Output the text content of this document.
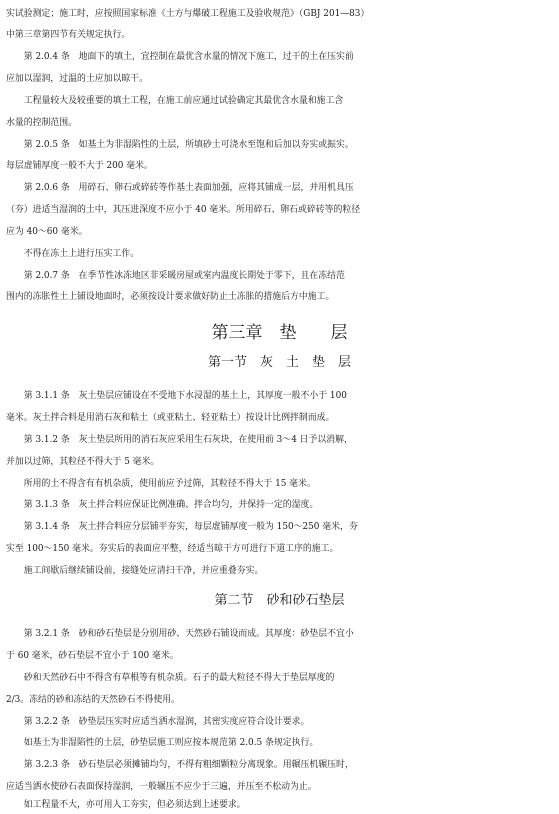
实试验测定；施工时，应按照国家标准《土方与爆破工程施工及验收规范》（GBJ 201—83）
中第三章第四节有关规定执行。
　　第 2.0.4 条　地面下的填土，宜控制在最优含水量的情况下施工，过干的土在压实前
应加以湿润，过温的土应加以晾干。
　　工程量较大及较重要的填土工程，在施工前应通过试验确定其最优含水量和施工含
水量的控制范围。
　　第 2.0.5 条　如基土为非湿陷性的土层，所填砂土可浇水至饱和后加以夯实或振实。
每层虚铺厚度一般不大于 200 毫米。
　　第 2.0.6 条　用碎石、卵石或碎砖等作基土表面加强，应将其铺成一层，并用机具压
（夯）进适当湿润的土中，其压进深度不应小于 40 毫米。所用碎石、卵石或碎砖等的粒径
应为 40～60 毫米。
　　不得在冻土上进行压实工作。
　　第 2.0.7 条　在季节性冰冻地区非采暖房屋或室内温度长期处于零下，且在冻结范
围内的冻胀性土上铺设地面时，必须按设计要求做好防止土冻胀的措施后方中施工。
第三章　垫　　层
第一节　灰　土　垫　层
　　第 3.1.1 条　灰土垫层应铺设在不受地下水浸湿的基土上，其厚度一般不小于 100
毫米。灰土拌合料是用消石灰和粘土（或亚粘土、轻亚粘土）按设计比例拌制而成。
　　第 3.1.2 条　灰土垫层所用的消石灰应采用生石灰块，在使用前 3～4 日予以消解，
并加以过筛，其粒径不得大于 5 毫米。
　　所用的土不得含有有机杂质，使用前应予过筛，其粒径不得大于 15 毫米。
　　第 3.1.3 条　灰土拌合料应保证比例准确、拌合均匀，并保持一定的湿度。
　　第 3.1.4 条　灰土拌合料应分层铺平夯实，每层虚铺厚度一般为 150～250 毫米，夯
实至 100～150 毫米。夯实后的表面应平整，经适当晾干方可进行下道工序的施工。
　　施工间歇后继续铺设前，接缝处应清扫干净，并应重叠夯实。
第二节　砂和砂石垫层
　　第 3.2.1 条　砂和砂石垫层是分别用砂、天然砂石铺设而成。其厚度：砂垫层不宜小
于 60 毫米，砂石垫层不宜小于 100 毫米。
　　砂和天然砂石中不得含有草根等有机杂质。石子的最大粒径不得大于垫层厚度的
2/3。冻结的砂和冻结的天然砂石不得使用。
　　第 3.2.2 条　砂垫层压实时应适当洒水湿润，其密实度应符合设计要求。
　　如基土为非湿陷性的土层，砂垫层施工则应按本规范第 2.0.5 条规定执行。
　　第 3.2.3 条　砂石垫层必须摊铺均匀，不得有粗细颗粒分离现象。用辗压机辗压时，
应适当洒水使砂石表面保持湿润，一般辗压不应少于三遍，并压至不松动为止。
　　如工程量不大，亦可用人工夯实，但必须达到上述要求。
